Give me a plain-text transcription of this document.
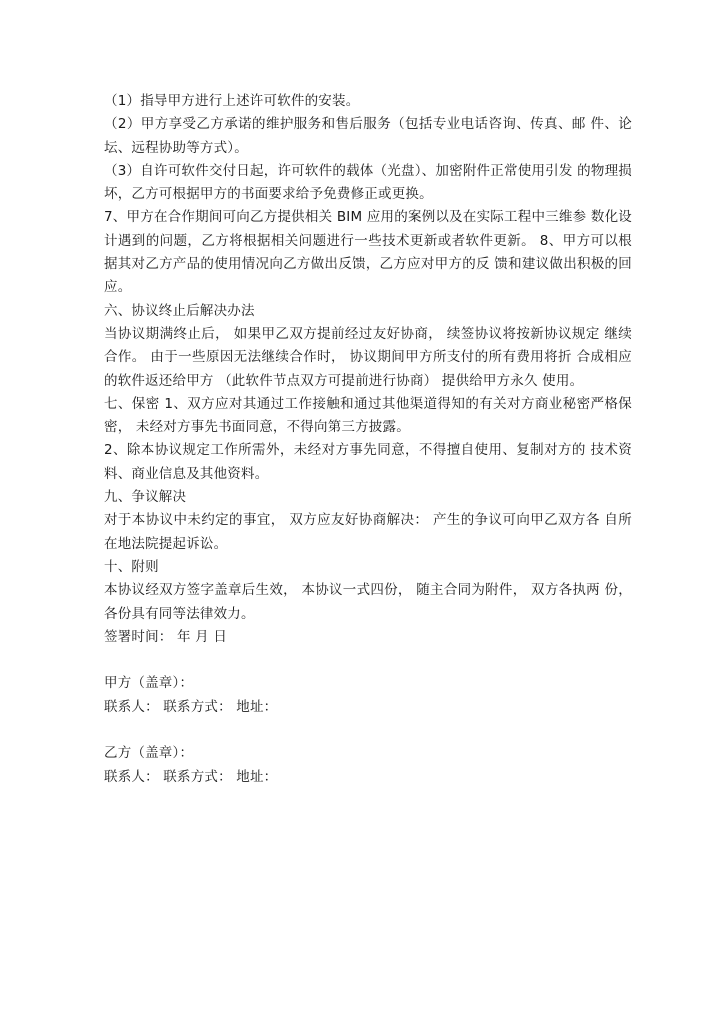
（1）指导甲方进行上述许可软件的安装。

（2）甲方享受乙方承诺的维护服务和售后服务（包括专业电话咨询、传真、邮 件、论坛、远程协助等方式）。

（3）自许可软件交付日起，许可软件的载体（光盘）、加密附件正常使用引发 的物理损坏，乙方可根据甲方的书面要求给予免费修正或更换。

7、甲方在合作期间可向乙方提供相关 BIM 应用的案例以及在实际工程中三维参 数化设计遇到的问题，乙方将根据相关问题进行一些技术更新或者软件更新。 8、甲方可以根据其对乙方产品的使用情况向乙方做出反馈，乙方应对甲方的反 馈和建议做出积极的回应。

六、协议终止后解决办法

当协议期满终止后， 如果甲乙双方提前经过友好协商， 续签协议将按新协议规定 继续合作。 由于一些原因无法继续合作时， 协议期间甲方所支付的所有费用将折 合成相应的软件返还给甲方 （此软件节点双方可提前进行协商） 提供给甲方永久 使用。

七、保密 1、双方应对其通过工作接触和通过其他渠道得知的有关对方商业秘密严格保密， 未经对方事先书面同意，不得向第三方披露。

2、除本协议规定工作所需外，未经对方事先同意，不得擅自使用、复制对方的 技术资料、商业信息及其他资料。

九、争议解决

对于本协议中未约定的事宜， 双方应友好协商解决： 产生的争议可向甲乙双方各 自所在地法院提起诉讼。

十、附则

本协议经双方签字盖章后生效， 本协议一式四份， 随主合同为附件， 双方各执两 份，各份具有同等法律效力。

签署时间： 年 月 日

甲方（盖章）：

联系人： 联系方式： 地址：

乙方（盖章）：

联系人： 联系方式： 地址：
